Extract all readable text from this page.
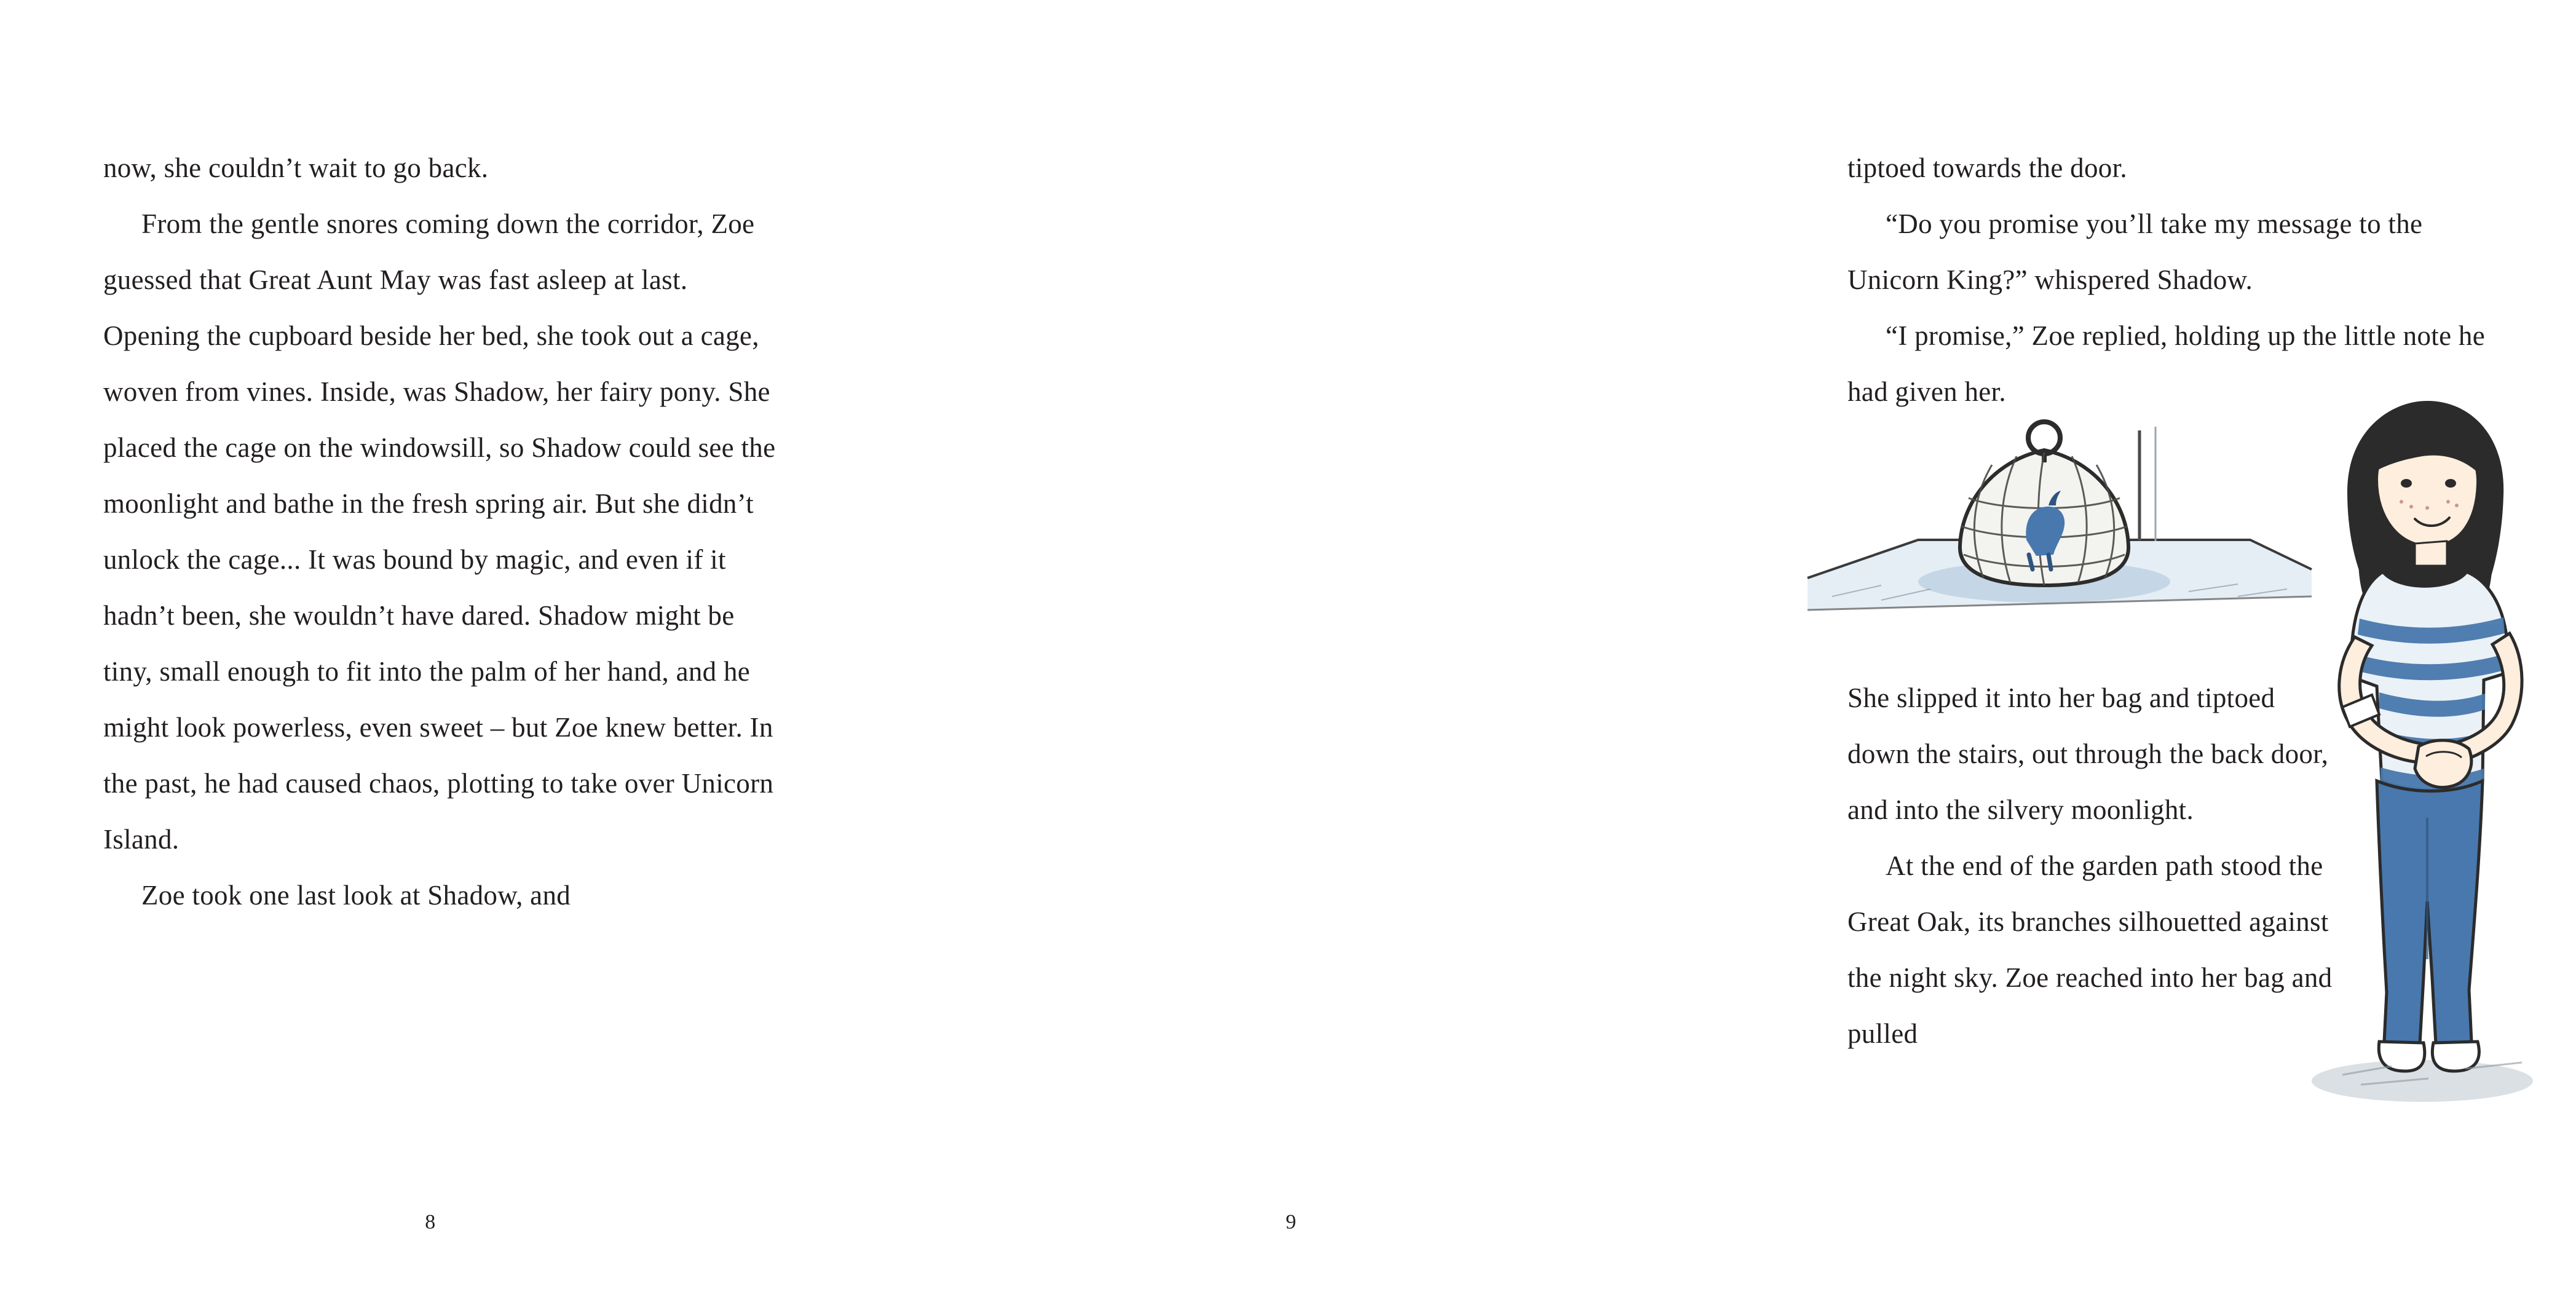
now, she couldn’t wait to go back.

From the gentle snores coming down the corridor, Zoe guessed that Great Aunt May was fast asleep at last. Opening the cupboard beside her bed, she took out a cage, woven from vines. Inside, was Shadow, her fairy pony. She placed the cage on the windowsill, so Shadow could see the moonlight and bathe in the fresh spring air. But she didn’t unlock the cage... It was bound by magic, and even if it hadn’t been, she wouldn’t have dared. Shadow might be tiny, small enough to fit into the palm of her hand, and he might look powerless, even sweet – but Zoe knew better. In the past, he had caused chaos, plotting to take over Unicorn Island.

Zoe took one last look at Shadow, and

8

tiptoed towards the door.

“Do you promise you’ll take my message to the Unicorn King?” whispered Shadow.

“I promise,” Zoe replied, holding up the little note he had given her.

She slipped it into her bag and tiptoed down the stairs, out through the back door, and into the silvery moonlight.

At the end of the garden path stood the Great Oak, its branches silhouetted against the night sky. Zoe reached into her bag and pulled

9
